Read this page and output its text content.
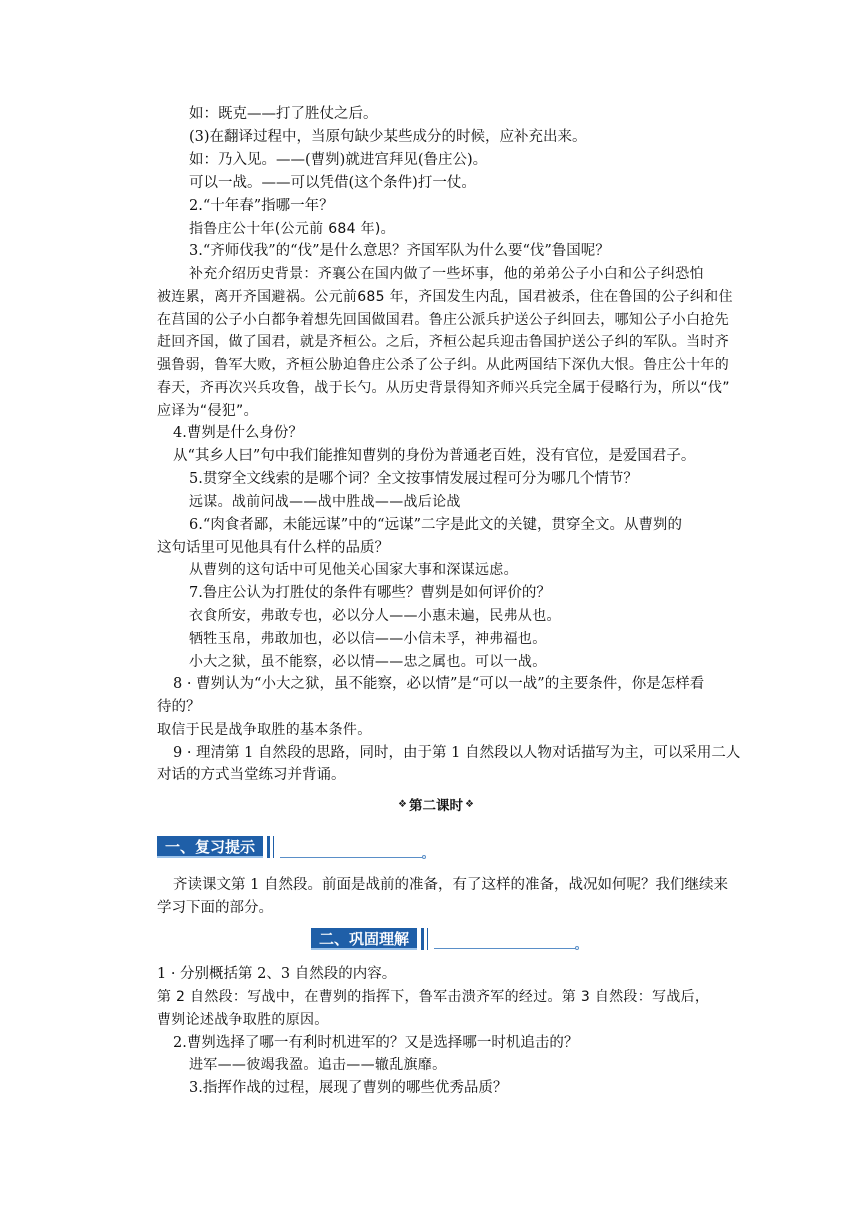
如：既克——打了胜仗之后。
(3)在翻译过程中，当原句缺少某些成分的时候，应补充出来。
如：乃入见。——(曹刿)就进宫拜见(鲁庄公)。
可以一战。——可以凭借(这个条件)打一仗。
2.“十年春”指哪一年？
指鲁庄公十年(公元前 684 年)。
3.“齐师伐我”的“伐”是什么意思？齐国军队为什么要“伐”鲁国呢？
补充介绍历史背景：齐襄公在国内做了一些坏事，他的弟弟公子小白和公子纠恐怕
被连累，离开齐国避祸。公元前685 年，齐国发生内乱，国君被杀，住在鲁国的公子纠和住
在莒国的公子小白都争着想先回国做国君。鲁庄公派兵护送公子纠回去，哪知公子小白抢先
赶回齐国，做了国君，就是齐桓公。之后，齐桓公起兵迎击鲁国护送公子纠的军队。当时齐
强鲁弱，鲁军大败，齐桓公胁迫鲁庄公杀了公子纠。从此两国结下深仇大恨。鲁庄公十年的
春天，齐再次兴兵攻鲁，战于长勺。从历史背景得知齐师兴兵完全属于侵略行为，所以“伐”
应译为“侵犯”。
4.曹刿是什么身份？
从“其乡人曰”句中我们能推知曹刿的身份为普通老百姓，没有官位，是爱国君子。
5.贯穿全文线索的是哪个词？全文按事情发展过程可分为哪几个情节？
远谋。战前问战——战中胜战——战后论战
6.“肉食者鄙，未能远谋”中的“远谋”二字是此文的关键，贯穿全文。从曹刿的
这句话里可见他具有什么样的品质？
从曹刿的这句话中可见他关心国家大事和深谋远虑。
7.鲁庄公认为打胜仗的条件有哪些？曹刿是如何评价的？
衣食所安，弗敢专也，必以分人——小惠未遍，民弗从也。
牺牲玉帛，弗敢加也，必以信——小信未孚，神弗福也。
小大之狱，虽不能察，必以情——忠之属也。可以一战。
8 · 曹刿认为“小大之狱，虽不能察，必以情”是“可以一战”的主要条件，你是怎样看
待的？
取信于民是战争取胜的基本条件。
9 · 理清第 1 自然段的思路，同时，由于第 1 自然段以人物对话描写为主，可以采用二人
对话的方式当堂练习并背诵。
❖ 第二课时 ❖
一、复习提示
齐读课文第 1 自然段。前面是战前的准备，有了这样的准备，战况如何呢？我们继续来
学习下面的部分。
二、巩固理解
1 · 分别概括第 2、3 自然段的内容。
第 2 自然段：写战中，在曹刿的指挥下，鲁军击溃齐军的经过。第 3 自然段：写战后，
曹刿论述战争取胜的原因。
2.曹刿选择了哪一有利时机进军的？又是选择哪一时机追击的？
进军——彼竭我盈。追击——辙乱旗靡。
3.指挥作战的过程，展现了曹刿的哪些优秀品质？
